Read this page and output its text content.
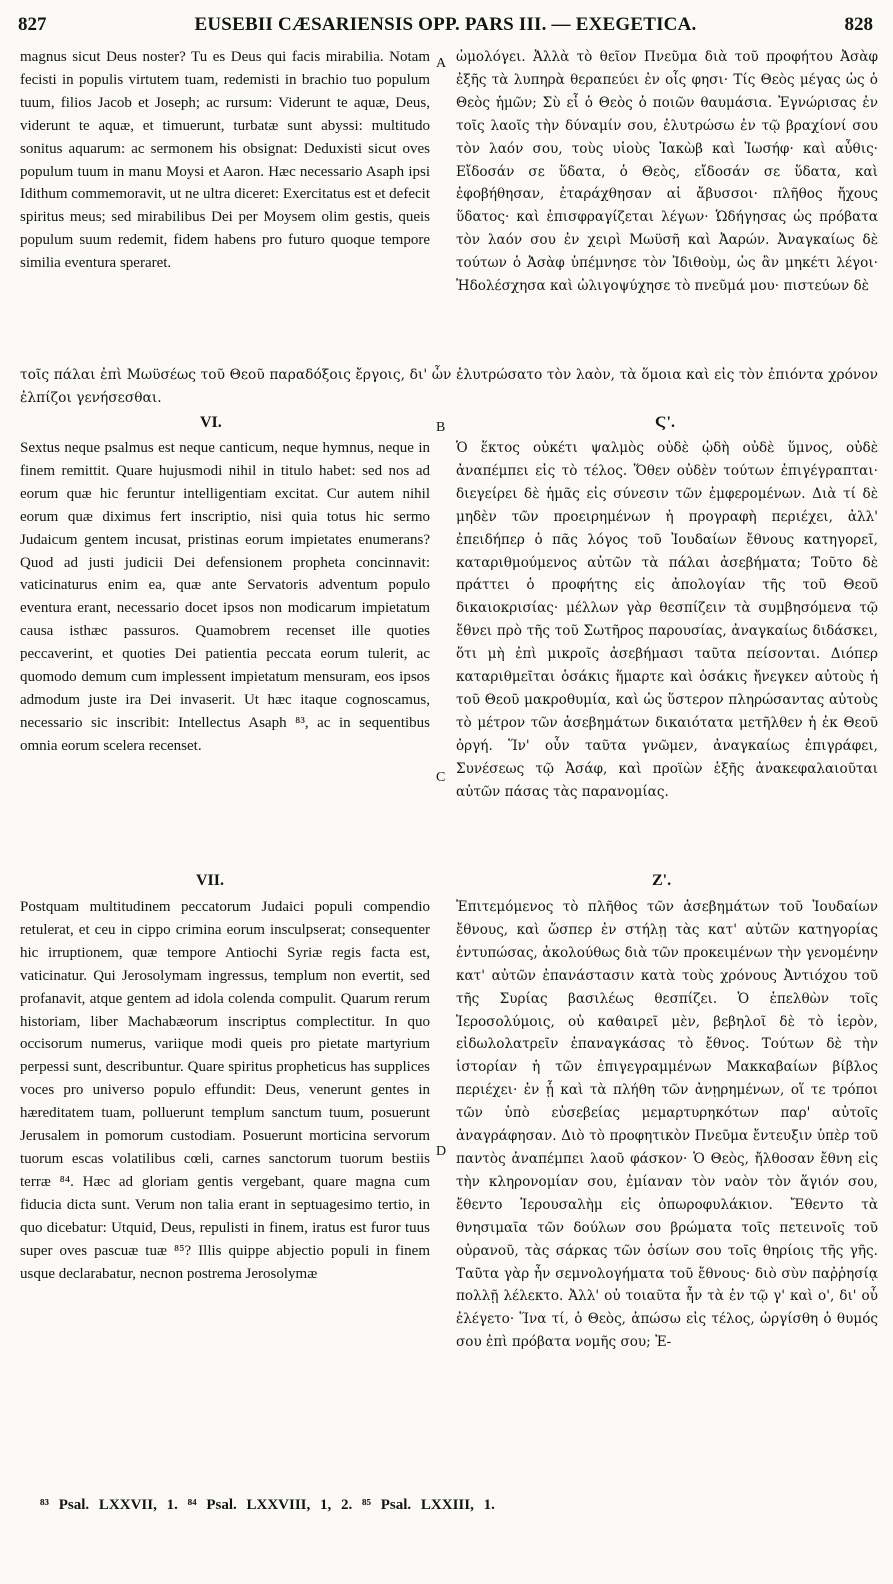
827	EUSEBII CÆSARIENSIS OPP. PARS III. — EXEGETICA.	828

magnus sicut Deus noster? Tu es Deus qui facis mirabilia. Notam fecisti in populis virtutem tuam, redemisti in brachio tuo populum tuum, filios Jacob et Joseph; ac rursum: Viderunt te aquæ, Deus, viderunt te aquæ, et timuerunt, turbatæ sunt abyssi: multitudo sonitus aquarum: ac sermonem his obsignat: Deduxisti sicut oves populum tuum in manu Moysi et Aaron. Hæc necessario Asaph ipsi Idithum commemoravit, ut ne ultra diceret: Exercitatus est et defecit spiritus meus; sed mirabilibus Dei per Moysem olim gestis, queis populum suum redemit, fidem habens pro futuro quoque tempore similia eventura speraret.

ὡμολόγει. Ἀλλὰ τὸ θεῖον Πνεῦμα διὰ τοῦ προφήτου Ἀσὰφ ἐξῆς τὰ λυπηρὰ θεραπεύει ἐν οἷς φησι· Τίς Θεὸς μέγας ὡς ὁ Θεὸς ἡμῶν; Σὺ εἶ ὁ Θεὸς ὁ ποιῶν θαυμάσια. Ἐγνώρισας ἐν τοῖς λαοῖς τὴν δύναμίν σου, ἐλυτρώσω ἐν τῷ βραχίονί σου τὸν λαόν σου, τοὺς υἱοὺς Ἰακὼβ καὶ Ἰωσήφ· καὶ αὖθις· Εἴδοσάν σε ὕδατα, ὁ Θεὸς, εἴδοσάν σε ὕδατα, καὶ ἐφοβήθησαν, ἐταράχθησαν αἱ ἄβυσσοι· πλῆθος ἤχους ὕδατος· καὶ ἐπισφραγίζεται λέγων· Ὡδήγησας ὡς πρόβατα τὸν λαόν σου ἐν χειρὶ Μωϋσῆ καὶ Ἀαρών. Ἀναγκαίως δὲ τούτων ὁ Ἀσὰφ ὑπέμνησε τὸν Ἰδιθοὺμ, ὡς ἂν μηκέτι λέγοι· Ἠδολέσχησα καὶ ὠλιγοψύχησε τὸ πνεῦμά μου· πιστεύων δὲ

τοῖς πάλαι ἐπὶ Μωϋσέως τοῦ Θεοῦ παραδόξοις ἔργοις, δι' ὧν ἐλυτρώσατο τὸν λαὸν, τὰ ὅμοια καὶ εἰς τὸν ἐπιόντα χρόνον ἐλπίζοι γενήσεσθαι.
A
B
C
D
VI.	Ϛ'.

Sextus neque psalmus est neque canticum, neque hymnus, neque in finem remittit. Quare hujusmodi nihil in titulo habet: sed nos ad eorum quæ hic feruntur intelligentiam excitat. Cur autem nihil eorum quæ diximus fert inscriptio, nisi quia totus hic sermo Judaicum gentem incusat, pristinas eorum impietates enumerans? Quod ad justi judicii Dei defensionem propheta concinnavit: vaticinaturus enim ea, quæ ante Servatoris adventum populo eventura erant, necessario docet ipsos non modicarum impietatum causa isthæc passuros. Quamobrem recenset ille quoties peccaverint, et quoties Dei patientia peccata eorum tulerit, ac quomodo demum cum implessent impietatum mensuram, eos ipsos admodum juste ira Dei invaserit. Ut hæc itaque cognoscamus, necessario sic inscribit: Intellectus Asaph ⁸³, ac in sequentibus omnia eorum scelera recenset.

Ὁ ἕκτος οὐκέτι ψαλμὸς οὐδὲ ᾠδὴ οὐδὲ ὕμνος, οὐδὲ ἀναπέμπει εἰς τὸ τέλος. Ὅθεν οὐδὲν τούτων ἐπιγέγραπται· διεγείρει δὲ ἡμᾶς εἰς σύνεσιν τῶν ἐμφερομένων. Διὰ τί δὲ μηδὲν τῶν προειρημένων ἡ προγραφὴ περιέχει, ἀλλ' ἐπειδήπερ ὁ πᾶς λόγος τοῦ Ἰουδαίων ἔθνους κατηγορεῖ, καταριθμούμενος αὐτῶν τὰ πάλαι ἀσεβήματα; Τοῦτο δὲ πράττει ὁ προφήτης εἰς ἀπολογίαν τῆς τοῦ Θεοῦ δικαιοκρισίας· μέλλων γὰρ θεσπίζειν τὰ συμβησόμενα τῷ ἔθνει πρὸ τῆς τοῦ Σωτῆρος παρουσίας, ἀναγκαίως διδάσκει, ὅτι μὴ ἐπὶ μικροῖς ἀσεβήμασι ταῦτα πείσονται. Διόπερ καταριθμεῖται ὁσάκις ἥμαρτε καὶ ὁσάκις ἤνεγκεν αὐτοὺς ἡ τοῦ Θεοῦ μακροθυμία, καὶ ὡς ὕστερον πληρώσαντας αὐτοὺς τὸ μέτρον τῶν ἀσεβημάτων δικαιότατα μετῆλθεν ἡ ἐκ Θεοῦ ὀργή. Ἵν' οὖν ταῦτα γνῶμεν, ἀναγκαίως ἐπιγράφει, Συνέσεως τῷ Ἀσάφ, καὶ προϊὼν ἑξῆς ἀνακεφαλαιοῦται αὐτῶν πάσας τὰς παρανομίας.

VII.	Ζ'.

Postquam multitudinem peccatorum Judaici populi compendio retulerat, et ceu in cippo crimina eorum insculpserat; consequenter hic irruptionem, quæ tempore Antiochi Syriæ regis facta est, vaticinatur. Qui Jerosolymam ingressus, templum non evertit, sed profanavit, atque gentem ad idola colenda compulit. Quarum rerum historiam, liber Machabæorum inscriptus complectitur. In quo occisorum numerus, variique modi queis pro pietate martyrium perpessi sunt, describuntur. Quare spiritus propheticus has supplices voces pro universo populo effundit: Deus, venerunt gentes in hæreditatem tuam, polluerunt templum sanctum tuum, posuerunt Jerusalem in pomorum custodiam. Posuerunt morticina servorum tuorum escas volatilibus cœli, carnes sanctorum tuorum bestiis terræ ⁸⁴. Hæc ad gloriam gentis vergebant, quare magna cum fiducia dicta sunt. Verum non talia erant in septuagesimo tertio, in quo dicebatur: Utquid, Deus, repulisti in finem, iratus est furor tuus super oves pascuæ tuæ ⁸⁵? Illis quippe abjectio populi in finem usque declarabatur, necnon postrema Jerosolymæ

Ἐπιτεμόμενος τὸ πλῆθος τῶν ἀσεβημάτων τοῦ Ἰουδαίων ἔθνους, καὶ ὥσπερ ἐν στήλῃ τὰς κατ' αὐτῶν κατηγορίας ἐντυπώσας, ἀκολούθως διὰ τῶν προκειμένων τὴν γενομένην κατ' αὐτῶν ἐπανάστασιν κατὰ τοὺς χρόνους Ἀντιόχου τοῦ τῆς Συρίας βασιλέως θεσπίζει. Ὁ ἐπελθὼν τοῖς Ἱεροσολύμοις, οὐ καθαιρεῖ μὲν, βεβηλοῖ δὲ τὸ ἱερὸν, εἰδωλολατρεῖν ἐπαναγκάσας τὸ ἔθνος. Τούτων δὲ τὴν ἱστορίαν ἡ τῶν ἐπιγεγραμμένων Μακκαβαίων βίβλος περιέχει· ἐν ᾗ καὶ τὰ πλήθη τῶν ἀνῃρημένων, οἵ τε τρόποι τῶν ὑπὸ εὐσεβείας μεμαρτυρηκότων παρ' αὐτοῖς ἀναγράφησαν. Διὸ τὸ προφητικὸν Πνεῦμα ἔντευξιν ὑπὲρ τοῦ παντὸς ἀναπέμπει λαοῦ φάσκον· Ὁ Θεὸς, ἤλθοσαν ἔθνη εἰς τὴν κληρονομίαν σου, ἐμίαναν τὸν ναὸν τὸν ἅγιόν σου, ἔθεντο Ἱερουσαλὴμ εἰς ὀπωροφυλάκιον. Ἔθεντο τὰ θνησιμαῖα τῶν δούλων σου βρώματα τοῖς πετεινοῖς τοῦ οὐρανοῦ, τὰς σάρκας τῶν ὁσίων σου τοῖς θηρίοις τῆς γῆς. Ταῦτα γὰρ ἦν σεμνολογήματα τοῦ ἔθνους· διὸ σὺν παῤῥησίᾳ πολλῇ λέλεκτο. Ἀλλ' οὐ τοιαῦτα ἦν τὰ ἐν τῷ γ' καὶ ο', δι' οὗ ἐλέγετο· Ἵνα τί, ὁ Θεὸς, ἀπώσω εἰς τέλος, ὠργίσθη ὁ θυμός σου ἐπὶ πρόβατα νομῆς σου; Ἐ-

⁸³ Psal. LXXVII, 1. ⁸⁴ Psal. LXXVIII, 1, 2. ⁸⁵ Psal. LXXIII, 1.
